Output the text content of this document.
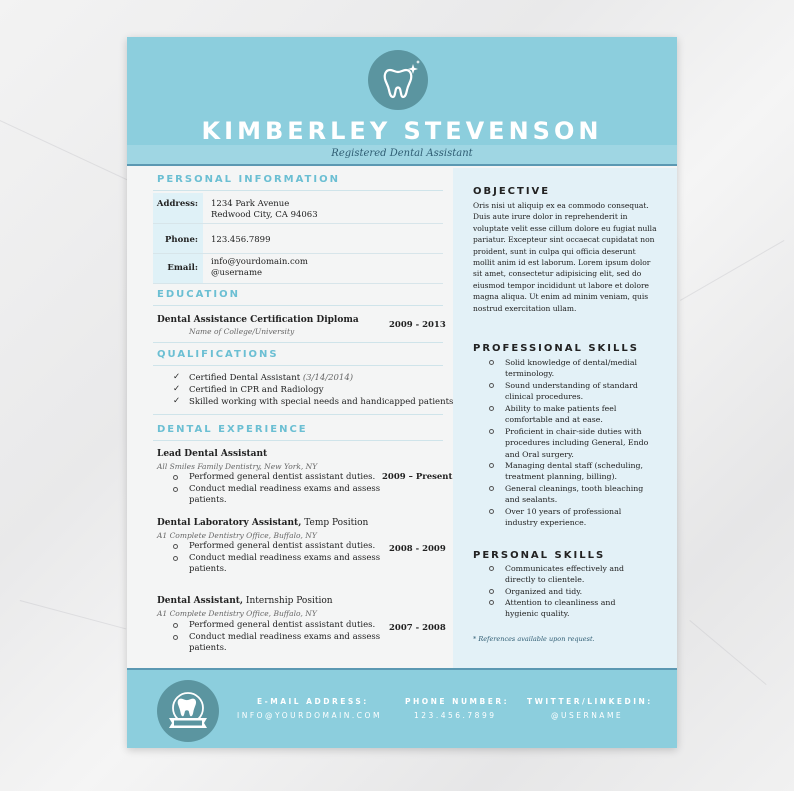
KIMBERLEY STEVENSON
Registered Dental Assistant
PERSONAL INFORMATION
Address: 1234 Park Avenue
Redwood City, CA 94063
Phone: 123.456.7899
Email:
info@yourdomain.com
@username
EDUCATION
Dental Assistance Certification Diploma
Name of College/University
2009 - 2013
QUALIFICATIONS
✓ Certified Dental Assistant (3/14/2014)
✓ Certified in CPR and Radiology
✓ Skilled working with special needs and handicapped patients
DENTAL EXPERIENCE
Lead Dental Assistant
All Smiles Family Dentistry, New York, NY
2009 – Present
Performed general dentist assistant duties.
Conduct medial readiness exams and assess
patients.
Dental Laboratory Assistant, Temp Position
A1 Complete Dentistry Office, Buffalo, NY
2008 - 2009
Performed general dentist assistant duties.
Conduct medial readiness exams and assess
patients.
Dental Assistant, Internship Position
A1 Complete Dentistry Office, Buffalo, NY
2007 - 2008
Performed general dentist assistant duties.
Conduct medial readiness exams and assess
patients.
OBJECTIVE
Oris nisi ut aliquip ex ea commodo consequat.
Duis aute irure dolor in reprehenderit in
voluptate velit esse cillum dolore eu fugiat nulla
pariatur. Excepteur sint occaecat cupidatat non
proident, sunt in culpa qui officia deserunt
mollit anim id est laborum. Lorem ipsum dolor
sit amet, consectetur adipisicing elit, sed do
eiusmod tempor incididunt ut labore et dolore
magna aliqua. Ut enim ad minim veniam, quis
nostrud exercitation ullam.
PROFESSIONAL SKILLS
Solid knowledge of dental/medial
terminology.
Sound understanding of standard
clinical procedures.
Ability to make patients feel
comfortable and at ease.
Proficient in chair-side duties with
procedures including General, Endo
and Oral surgery.
Managing dental staff (scheduling,
treatment planning, billing).
General cleanings, tooth bleaching
and sealants.
Over 10 years of professional
industry experience.
PERSONAL SKILLS
Communicates effectively and
directly to clientele.
Organized and tidy.
Attention to cleanliness and
hygienic quality.
* References available upon request.
E-MAIL ADDRESS:
INFO@YOURDOMAIN.COM
PHONE NUMBER:
123.456.7899
TWITTER/LINKEDIN:
@USERNAME
